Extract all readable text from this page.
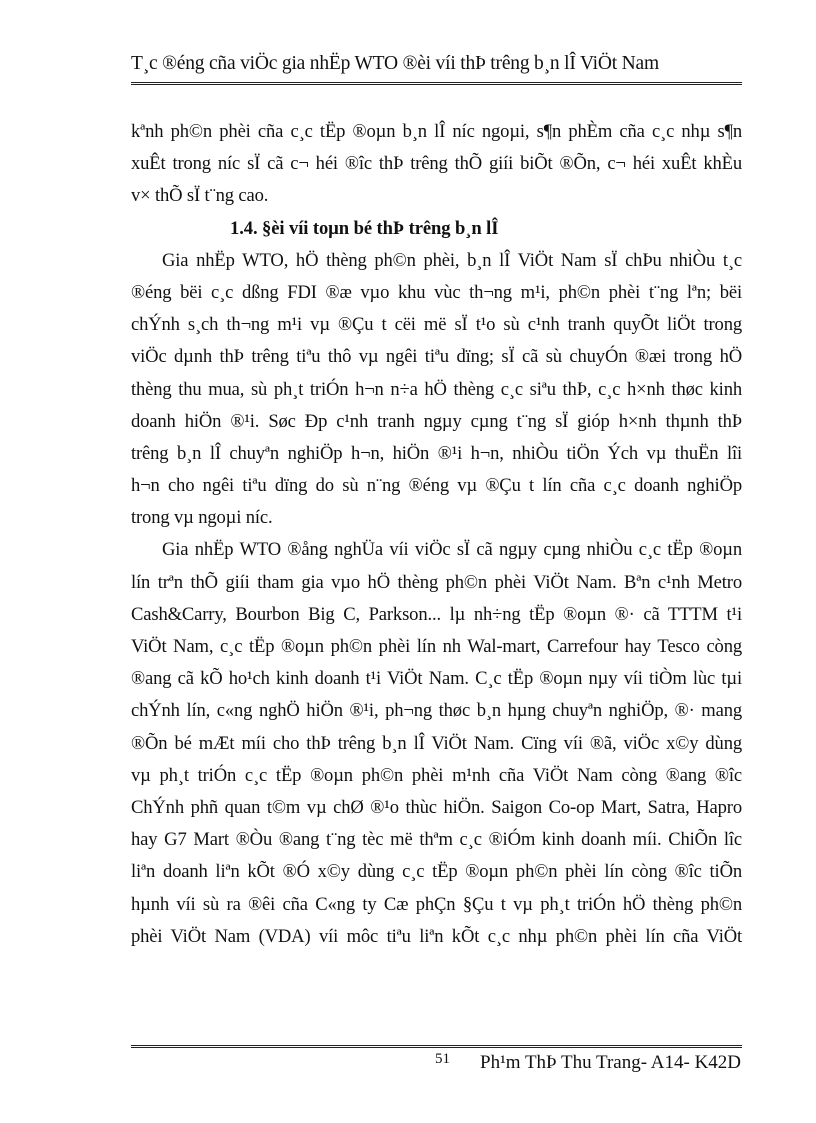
T¸c ®éng cña viÖc gia nhËp WTO ®èi víi thÞ trêng b¸n lÎ ViÖt Nam
kªnh ph©n phèi cña c¸c tËp ®oµn b¸n lÎ níc ngoµi, s¶n phÈm cña c¸c nhµ s¶n
xuÊt trong níc sÏ cã c¬ héi ®îc thÞ trêng thÕ giíi biÕt ®Õn, c¬ héi xuÊt khÈu
v× thÕ sÏ t¨ng cao.
1.4. §èi víi toµn bé thÞ trêng b¸n lÎ
Gia nhËp WTO, hÖ thèng ph©n phèi, b¸n lÎ ViÖt Nam sÏ chÞu nhiÒu t¸c
®éng bëi c¸c dßng FDI ®æ vµo khu vùc th¬ng m¹i, ph©n phèi t¨ng lªn; bëi
chÝnh s¸ch th¬ng m¹i vµ ®Çu t cëi më sÏ t¹o sù c¹nh tranh quyÕt liÖt trong
viÖc dµnh thÞ trêng tiªu thô vµ ngêi tiªu dïng; sÏ cã sù chuyÓn ®æi trong hÖ
thèng thu mua, sù ph¸t triÓn h¬n n÷a hÖ thèng c¸c siªu thÞ, c¸c h×nh thøc kinh
doanh hiÖn ®¹i. Søc Ðp c¹nh tranh ngµy cµng t¨ng sÏ gióp h×nh thµnh thÞ
trêng b¸n lÎ chuyªn nghiÖp h¬n, hiÖn ®¹i h¬n, nhiÒu tiÖn Ých vµ thuËn lîi
h¬n cho ngêi tiªu dïng do sù n¨ng ®éng vµ ®Çu t lín cña c¸c doanh nghiÖp
trong vµ ngoµi níc.
Gia nhËp WTO ®ång nghÜa víi viÖc sÏ cã ngµy cµng nhiÒu c¸c tËp ®oµn
lín trªn thÕ giíi tham gia vµo hÖ thèng ph©n phèi ViÖt Nam. Bªn c¹nh Metro
Cash&Carry, Bourbon Big C, Parkson... lµ nh÷ng tËp ®oµn ®· cã TTTM t¹i
ViÖt Nam, c¸c tËp ®oµn ph©n phèi lín nh Wal-mart, Carrefour hay Tesco còng
®ang cã kÕ ho¹ch kinh doanh t¹i ViÖt Nam. C¸c tËp ®oµn nµy víi tiÒm lùc tµi
chÝnh lín, c«ng nghÖ hiÖn ®¹i, ph¬ng thøc b¸n hµng chuyªn nghiÖp, ®· mang
®Õn bé mÆt míi cho thÞ trêng b¸n lÎ ViÖt Nam. Cïng víi ®ã, viÖc x©y dùng
vµ ph¸t triÓn c¸c tËp ®oµn ph©n phèi m¹nh cña ViÖt Nam còng ®ang ®îc
ChÝnh phñ quan t©m vµ chØ ®¹o thùc hiÖn. Saigon Co-op Mart, Satra, Hapro
hay G7 Mart ®Òu ®ang t¨ng tèc më thªm c¸c ®iÓm kinh doanh míi. ChiÕn lîc
liªn doanh liªn kÕt ®Ó x©y dùng c¸c tËp ®oµn ph©n phèi lín còng ®îc tiÕn
hµnh víi sù ra ®êi cña C«ng ty Cæ phÇn §Çu t vµ ph¸t triÓn hÖ thèng ph©n
phèi ViÖt Nam (VDA) víi môc tiªu liªn kÕt c¸c nhµ ph©n phèi lín cña ViÖt
51 Ph¹m ThÞ Thu Trang- A14- K42D
